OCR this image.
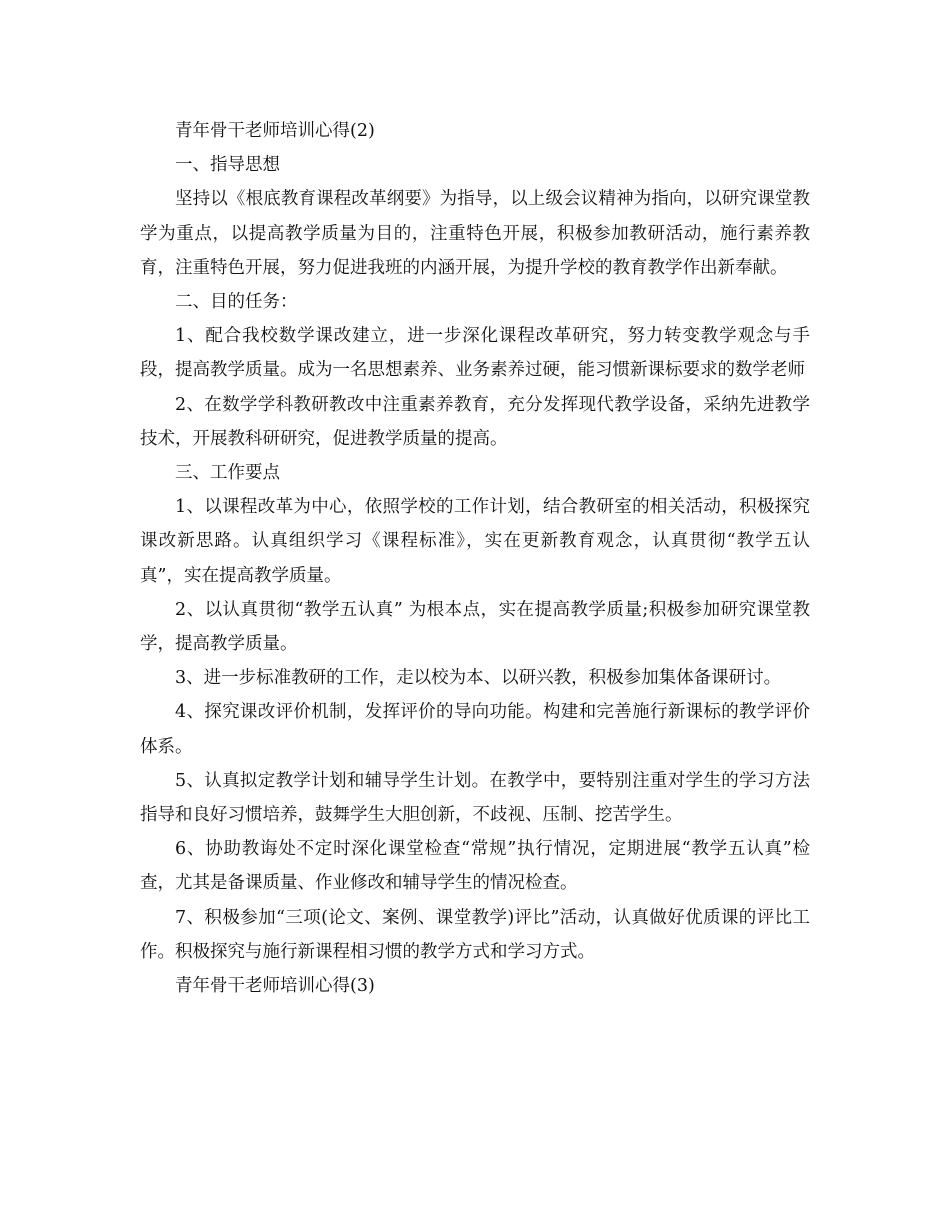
青年骨干老师培训心得(2)

一、指导思想

坚持以《根底教育课程改革纲要》为指导，以上级会议精神为指向，以研究课堂教学为重点，以提高教学质量为目的，注重特色开展，积极参加教研活动，施行素养教育，注重特色开展，努力促进我班的内涵开展，为提升学校的教育教学作出新奉献。

二、目的任务：

1、配合我校数学课改建立，进一步深化课程改革研究，努力转变教学观念与手段，提高教学质量。成为一名思想素养、业务素养过硬，能习惯新课标要求的数学老师

2、在数学学科教研教改中注重素养教育，充分发挥现代教学设备，采纳先进教学技术，开展教科研研究，促进教学质量的提高。

三、工作要点

1、以课程改革为中心，依照学校的工作计划，结合教研室的相关活动，积极探究课改新思路。认真组织学习《课程标准》，实在更新教育观念，认真贯彻“教学五认真”，实在提高教学质量。

2、以认真贯彻“教学五认真” 为根本点，实在提高教学质量;积极参加研究课堂教学，提高教学质量。

3、进一步标准教研的工作，走以校为本、以研兴教，积极参加集体备课研讨。

4、探究课改评价机制，发挥评价的导向功能。构建和完善施行新课标的教学评价体系。

5、认真拟定教学计划和辅导学生计划。在教学中，要特别注重对学生的学习方法指导和良好习惯培养，鼓舞学生大胆创新，不歧视、压制、挖苦学生。

6、协助教诲处不定时深化课堂检查“常规”执行情况，定期进展“教学五认真”检查，尤其是备课质量、作业修改和辅导学生的情况检查。

7、积极参加“三项(论文、案例、课堂教学)评比”活动，认真做好优质课的评比工作。积极探究与施行新课程相习惯的教学方式和学习方式。

青年骨干老师培训心得(3)
